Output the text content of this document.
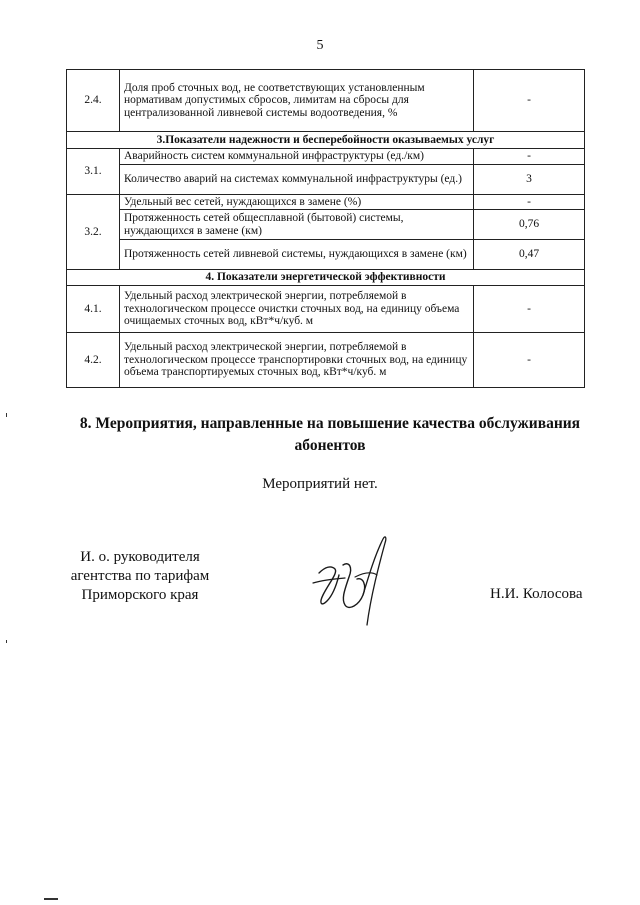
5
2.4.	Доля проб сточных вод, не соответствующих установленным нормативам допустимых сбросов, лимитам на сбросы для централизованной ливневой системы водоотведения, %	-
3.Показатели надежности и бесперебойности оказываемых услуг		
3.1.	Аварийность систем коммунальной инфраструктуры (ед./км)	-
	Количество аварий на системах коммунальной инфраструктуры (ед.)	3
3.2.	Удельный вес сетей, нуждающихся в замене (%)	-
	Протяженность сетей общесплавной (бытовой) системы, нуждающихся в замене (км)	0,76
	Протяженность сетей ливневой системы, нуждающихся в замене (км)	0,47
4. Показатели энергетической эффективности		
4.1.	Удельный расход электрической энергии, потребляемой в технологическом процессе очистки сточных вод, на единицу объема очищаемых сточных вод, кВт*ч/куб. м	-
4.2.	Удельный расход электрической энергии, потребляемой в технологическом процессе транспортировки сточных вод, на единицу объема транспортируемых сточных вод, кВт*ч/куб. м	-
8. Мероприятия, направленные на повышение качества обслуживания абонентов
Мероприятий нет.
И. о. руководителя
агентства по тарифам
Приморского края	Н.И. Колосова
